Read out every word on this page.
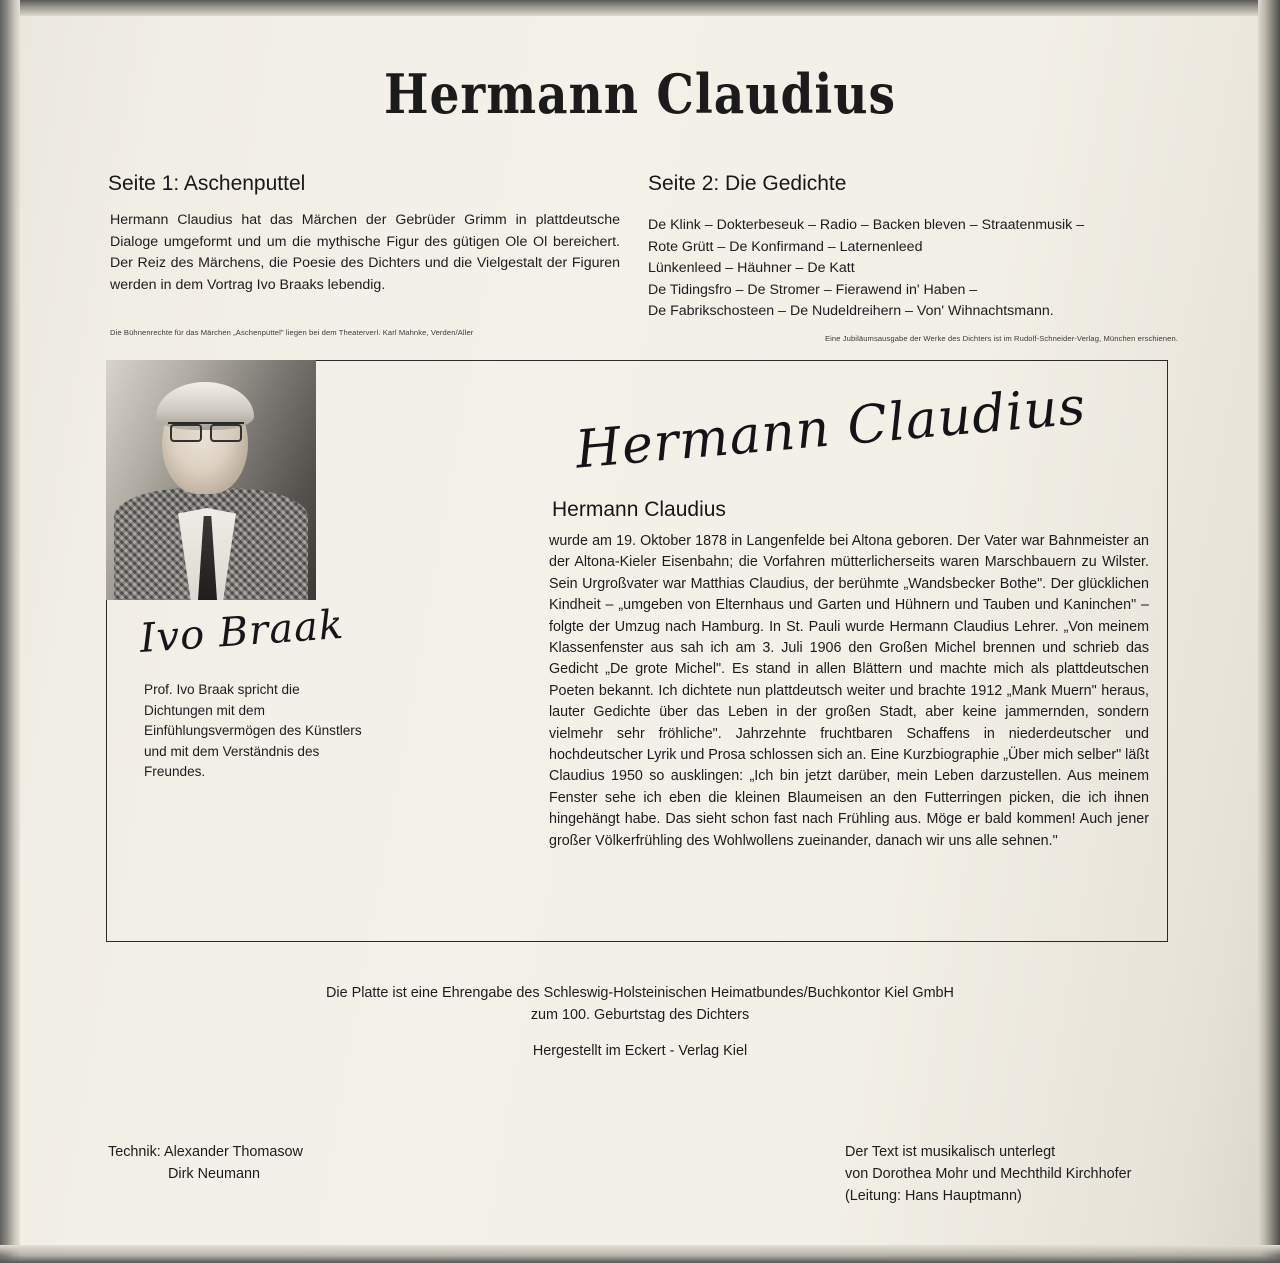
Hermann Claudius
Seite 1: Aschenputtel
Hermann Claudius hat das Märchen der Gebrüder Grimm in plattdeutsche Dialoge umgeformt und um die mythische Figur des gütigen Ole Ol bereichert. Der Reiz des Märchens, die Poesie des Dichters und die Vielgestalt der Figuren werden in dem Vortrag Ivo Braaks lebendig.
Die Bühnenrechte für das Märchen „Aschenputtel" liegen bei dem Theaterverl. Karl Mahnke, Verden/Aller
Seite 2: Die Gedichte
De Klink – Dokterbeseuk – Radio – Backen bleven – Straatenmusik –
Rote Grütt – De Konfirmand – Laternenleed
Lünkenleed – Häuhner – De Katt
De Tidingsfro – De Stromer – Fierawend in' Haben –
De Fabrikschosteen – De Nudeldreihern – Von' Wihnachtsmann.
Eine Jubiläumsausgabe der Werke des Dichters ist im Rudolf-Schneider-Verlag, München erschienen.
Ivo Braak
Prof. Ivo Braak spricht die Dichtungen mit dem Einfühlungsvermögen des Künstlers und mit dem Verständnis des Freundes.
Hermann Claudius
Hermann Claudius
wurde am 19. Oktober 1878 in Langenfelde bei Altona geboren. Der Vater war Bahnmeister an der Altona-Kieler Eisenbahn; die Vorfahren mütterlicherseits waren Marschbauern zu Wilster. Sein Urgroßvater war Matthias Claudius, der berühmte „Wandsbecker Bothe". Der glücklichen Kindheit – „umgeben von Elternhaus und Garten und Hühnern und Tauben und Kaninchen" – folgte der Umzug nach Hamburg. In St. Pauli wurde Hermann Claudius Lehrer. „Von meinem Klassenfenster aus sah ich am 3. Juli 1906 den Großen Michel brennen und schrieb das Gedicht „De grote Michel". Es stand in allen Blättern und machte mich als plattdeutschen Poeten bekannt. Ich dichtete nun plattdeutsch weiter und brachte 1912 „Mank Muern" heraus, lauter Gedichte über das Leben in der großen Stadt, aber keine jammernden, sondern vielmehr sehr fröhliche". Jahrzehnte fruchtbaren Schaffens in niederdeutscher und hochdeutscher Lyrik und Prosa schlossen sich an. Eine Kurzbiographie „Über mich selber" läßt Claudius 1950 so ausklingen: „Ich bin jetzt darüber, mein Leben darzustellen. Aus meinem Fenster sehe ich eben die kleinen Blaumeisen an den Futterringen picken, die ich ihnen hingehängt habe. Das sieht schon fast nach Frühling aus. Möge er bald kommen! Auch jener großer Völkerfrühling des Wohlwollens zueinander, danach wir uns alle sehnen."
Die Platte ist eine Ehrengabe des Schleswig-Holsteinischen Heimatbundes/Buchkontor Kiel GmbH
zum 100. Geburtstag des Dichters
Hergestellt im Eckert - Verlag Kiel
Technik: Alexander Thomasow
Dirk Neumann
Der Text ist musikalisch unterlegt
von Dorothea Mohr und Mechthild Kirchhofer
(Leitung: Hans Hauptmann)
